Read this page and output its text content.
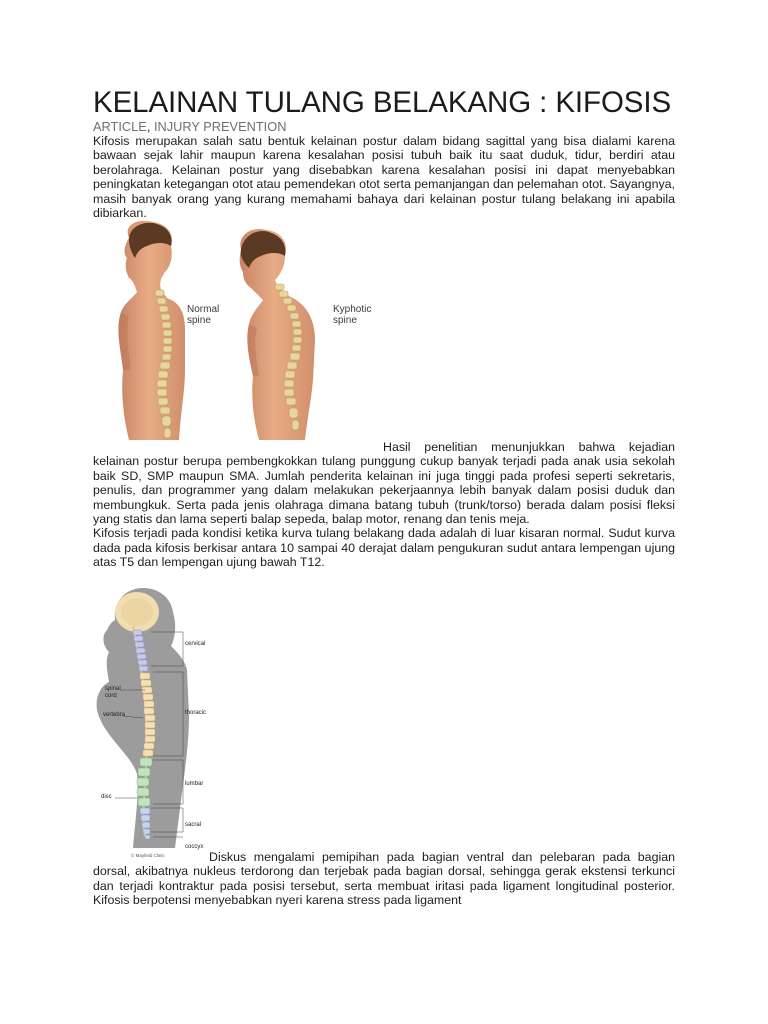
KELAINAN TULANG BELAKANG : KIFOSIS
ARTICLE, INJURY PREVENTION

Kifosis merupakan salah satu bentuk kelainan postur dalam bidang sagittal yang bisa dialami karena bawaan sejak lahir maupun karena kesalahan posisi tubuh baik itu saat duduk, tidur, berdiri atau berolahraga. Kelainan postur yang disebabkan karena kesalahan posisi ini dapat menyebabkan peningkatan ketegangan otot atau pemendekan otot serta pemanjangan dan pelemahan otot. Sayangnya, masih banyak orang yang kurang memahami bahaya dari kelainan postur tulang belakang ini apabila dibiarkan.

Normal
spine
Kyphotic
spine

Hasil penelitian menunjukkan bahwa kejadian kelainan postur berupa pembengkokkan tulang punggung cukup banyak terjadi pada anak usia sekolah baik SD, SMP maupun SMA. Jumlah penderita kelainan ini juga tinggi pada profesi seperti sekretaris, penulis, dan programmer yang dalam melakukan pekerjaannya lebih banyak dalam posisi duduk dan membungkuk. Serta pada jenis olahraga dimana batang tubuh (trunk/torso) berada dalam posisi fleksi yang statis dan lama seperti balap sepeda, balap motor, renang dan tenis meja.

Kifosis terjadi pada kondisi ketika kurva tulang belakang dada adalah di luar kisaran normal. Sudut kurva dada pada kifosis berkisar antara 10 sampai 40 derajat dalam pengukuran sudut antara lempengan ujung atas T5 dan lempengan ujung bawah T12.

cervical
thoracic
lumbar
sacral
coccyx
spinal
cord
vertebra
disc
© Mayfield Clinic	Diskus mengalami pemipihan pada bagian ventral dan pelebaran pada bagian dorsal, akibatnya nukleus terdorong dan terjebak pada bagian dorsal, sehingga gerak ekstensi terkunci dan terjadi kontraktur pada posisi tersebut, serta membuat iritasi pada ligament longitudinal posterior. Kifosis berpotensi menyebabkan nyeri karena stress pada ligament
